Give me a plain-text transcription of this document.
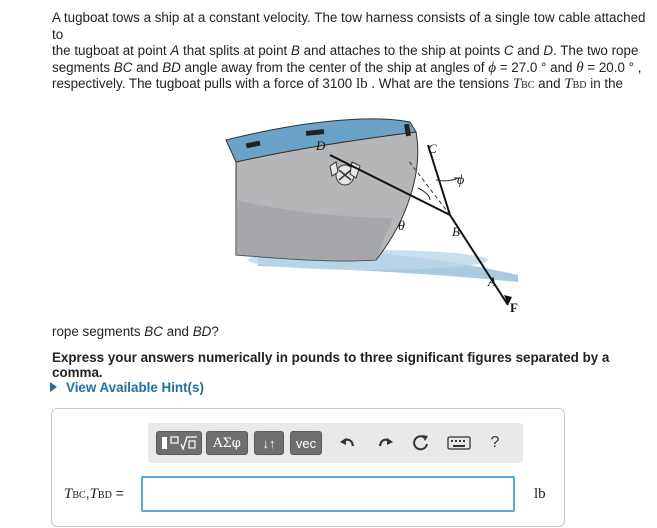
A tugboat tows a ship at a constant velocity. The tow harness consists of a single tow cable attached to

the tugboat at point A that splits at point B and attaches to the ship at points C and D. The two rope

segments BC and BD angle away from the center of the ship at angles of ϕ = 27.0 ° and θ = 20.0 ° ,

respectively. The tugboat pulls with a force of 3100 lb . What are the tensions TBC and TBD in the

D	C
ϕ
θ	B
A
F
rope segments BC and BD?
Express your answers numerically in pounds to three significant figures separated by a comma.
View Available Hint(s)
ΑΣφ	↓↑	vec	?
TBC,TBD =	lb
